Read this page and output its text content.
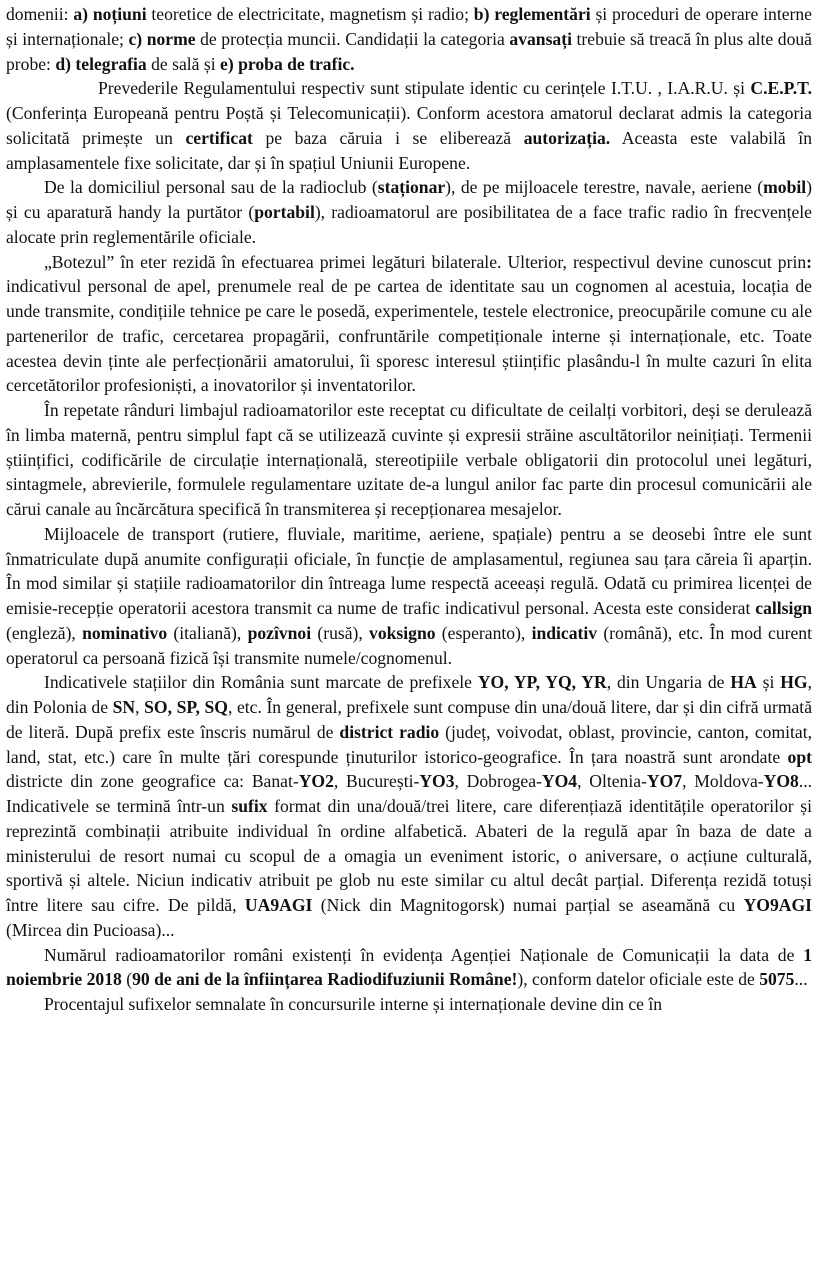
domenii: a) noțiuni teoretice de electricitate, magnetism și radio; b) reglementări și proceduri de operare interne și internaționale; c) norme de protecția muncii. Candidații la categoria avansați trebuie să treacă în plus alte două probe: d) telegrafia de sală și e) proba de trafic.

Prevederile Regulamentului respectiv sunt stipulate identic cu cerințele I.T.U. , I.A.R.U. și C.E.P.T. (Conferința Europeană pentru Poștă și Telecomunicații). Conform acestora amatorul declarat admis la categoria solicitată primește un certificat pe baza căruia i se eliberează autorizația. Aceasta este valabilă în amplasamentele fixe solicitate, dar și în spațiul Uniunii Europene.

De la domiciliul personal sau de la radioclub (staționar), de pe mijloacele terestre, navale, aeriene (mobil) și cu aparatură handy la purtător (portabil), radioamatorul are posibilitatea de a face trafic radio în frecvențele alocate prin reglementările oficiale.

„Botezul” în eter rezidă în efectuarea primei legături bilaterale. Ulterior, respectivul devine cunoscut prin: indicativul personal de apel, prenumele real de pe cartea de identitate sau un cognomen al acestuia, locația de unde transmite, condițiile tehnice pe care le posedă, experimentele, testele electronice, preocupările comune cu ale partenerilor de trafic, cercetarea propagării, confruntările competiționale interne și internaționale, etc. Toate acestea devin ținte ale perfecționării amatorului, îi sporesc interesul științific plasându-l în multe cazuri în elita cercetătorilor profesioniști, a inovatorilor și inventatorilor.

În repetate rânduri limbajul radioamatorilor este receptat cu dificultate de ceilalți vorbitori, deși se derulează în limba maternă, pentru simplul fapt că se utilizează cuvinte și expresii străine ascultătorilor neinițiați. Termenii științifici, codificările de circulație internațională, stereotipiile verbale obligatorii din protocolul unei legături, sintagmele, abrevierile, formulele regulamentare uzitate de-a lungul anilor fac parte din procesul comunicării ale cărui canale au încărcătura specifică în transmiterea și recepționarea mesajelor.

Mijloacele de transport (rutiere, fluviale, maritime, aeriene, spațiale) pentru a se deosebi între ele sunt înmatriculate după anumite configurații oficiale, în funcție de amplasamentul, regiunea sau țara căreia îi aparțin. În mod similar și stațiile radioamatorilor din întreaga lume respectă aceeași regulă. Odată cu primirea licenței de emisie-recepție operatorii acestora transmit ca nume de trafic indicativul personal. Acesta este considerat callsign (engleză), nominativo (italiană), pozîvnoi (rusă), voksigno (esperanto), indicativ (română), etc. În mod curent operatorul ca persoană fizică își transmite numele/cognomenul.

Indicativele stațiilor din România sunt marcate de prefixele YO, YP, YQ, YR, din Ungaria de HA și HG, din Polonia de SN, SO, SP, SQ, etc. În general, prefixele sunt compuse din una/două litere, dar și din cifră urmată de literă. După prefix este înscris numărul de district radio (județ, voivodat, oblast, provincie, canton, comitat, land, stat, etc.) care în multe țări corespunde ținuturilor istorico-geografice. În țara noastră sunt arondate opt districte din zone geografice ca: Banat-YO2, București-YO3, Dobrogea-YO4, Oltenia-YO7, Moldova-YO8... Indicativele se termină într-un sufix format din una/două/trei litere, care diferențiază identitățile operatorilor și reprezintă combinații atribuite individual în ordine alfabetică. Abateri de la regulă apar în baza de date a ministerului de resort numai cu scopul de a omagia un eveniment istoric, o aniversare, o acțiune culturală, sportivă și altele. Niciun indicativ atribuit pe glob nu este similar cu altul decât parțial. Diferența rezidă totuși între litere sau cifre. De pildă, UA9AGI (Nick din Magnitogorsk) numai parțial se aseamănă cu YO9AGI (Mircea din Pucioasa)...

Numărul radioamatorilor români existenți în evidența Agenției Naționale de Comunicații la data de 1 noiembrie 2018 (90 de ani de la înființarea Radiodifuziunii Române!), conform datelor oficiale este de 5075...

Procentajul sufixelor semnalate în concursurile interne și internaționale devine din ce în
